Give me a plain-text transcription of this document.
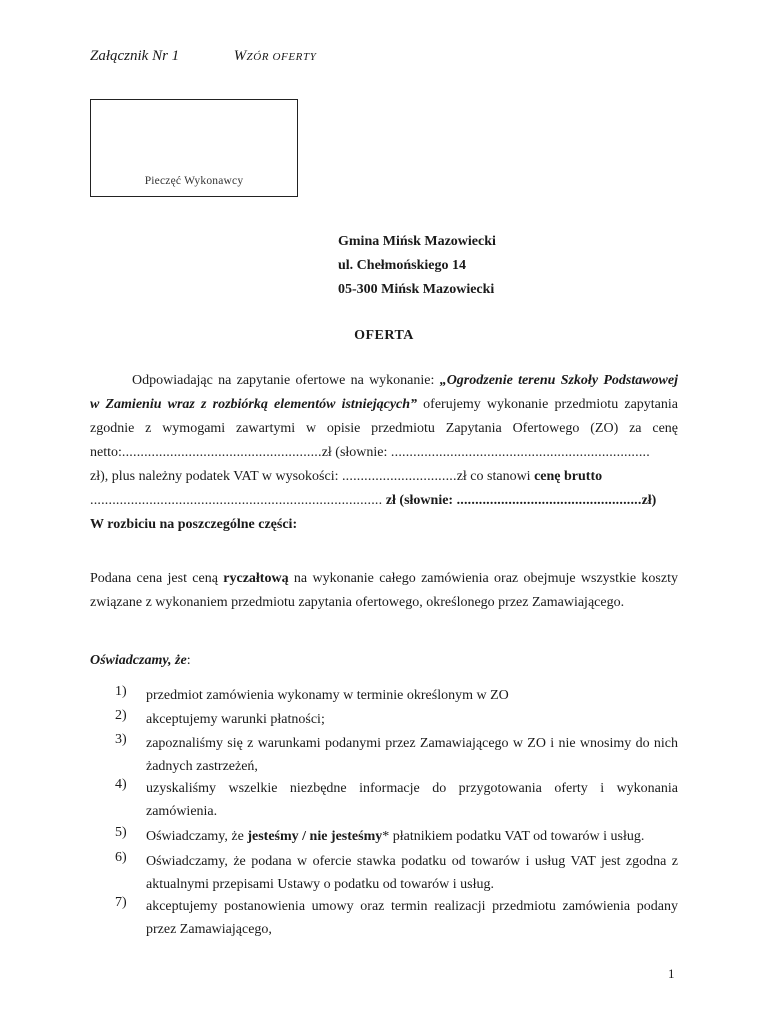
Załącznik Nr 1	WZÓR OFERTY
Pieczęć Wykonawcy
Gmina Mińsk Mazowiecki
ul. Chełmońskiego 14
05-300 Mińsk Mazowiecki
OFERTA
Odpowiadając na zapytanie ofertowe na wykonanie: „Ogrodzenie terenu Szkoły Podstawowej
w Zamieniu wraz z rozbiórką elementów istniejących” oferujemy wykonanie przedmiotu zapytania
zgodnie z wymogami zawartymi w opisie przedmiotu Zapytania Ofertowego (ZO) za cenę
netto:......................................................zł (słownie: ......................................................................
zł), plus należny podatek VAT w wysokości: ...............................zł co stanowi cenę brutto
............................................................................... zł (słownie: ..................................................zł)
W rozbiciu na poszczególne części:
Podana cena jest ceną ryczałtową na wykonanie całego zamówienia oraz obejmuje wszystkie koszty
związane z wykonaniem przedmiotu zapytania ofertowego, określonego przez Zamawiającego.
Oświadczamy, że:
1) przedmiot zamówienia wykonamy w terminie określonym w ZO
2) akceptujemy warunki płatności;
3) zapoznaliśmy się z warunkami podanymi przez Zamawiającego w ZO i nie wnosimy do nich żadnych zastrzeżeń,
4) uzyskaliśmy wszelkie niezbędne informacje do przygotowania oferty i wykonania zamówienia.
5) Oświadczamy, że jesteśmy / nie jesteśmy* płatnikiem podatku VAT od towarów i usług.
6) Oświadczamy, że podana w ofercie stawka podatku od towarów i usług VAT jest zgodna z aktualnymi przepisami Ustawy o podatku od towarów i usług.
7) akceptujemy postanowienia umowy oraz termin realizacji przedmiotu zamówienia podany przez Zamawiającego,
1
